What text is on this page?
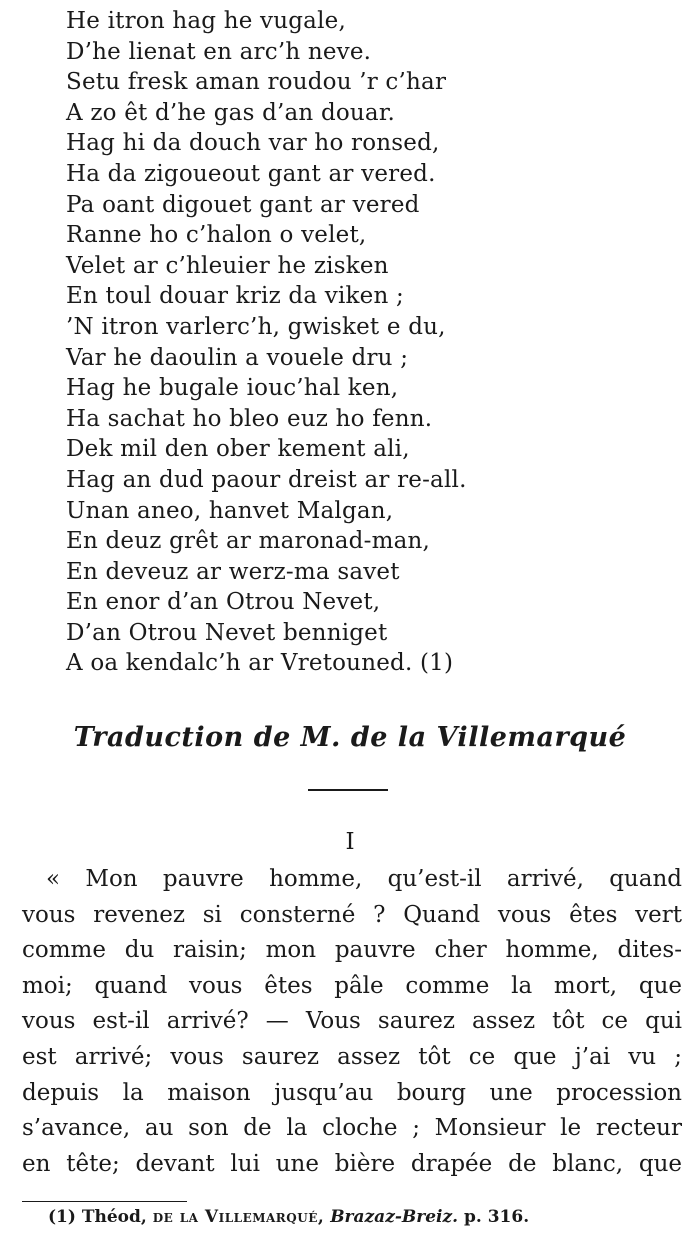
He itron hag he vugale,
D’he lienat en arc’h neve.
Setu fresk aman roudou ’r c’har
A zo êt d’he gas d’an douar.
Hag hi da douch var ho ronsed,
Ha da zigoueout gant ar vered.
Pa oant digouet gant ar vered
Ranne ho c’halon o velet,
Velet ar c’hleuier he zisken
En toul douar kriz da viken ;
’N itron varlerc’h, gwisket e du,
Var he daoulin a vouele dru ;
Hag he bugale iouc’hal ken,
Ha sachat ho bleo euz ho fenn.
Dek mil den ober kement ali,
Hag an dud paour dreist ar re-all.
Unan aneo, hanvet Malgan,
En deuz grêt ar maronad-man,
En deveuz ar werz-ma savet
En enor d’an Otrou Nevet,
D’an Otrou Nevet benniget
A oa kendalc’h ar Vretouned. (1)
Traduction de M. de la Villemarqué
I
« Mon pauvre homme, qu’est-il arrivé, quand
vous revenez si consterné ? Quand vous êtes vert
comme du raisin; mon pauvre cher homme, dites-
moi; quand vous êtes pâle comme la mort, que
vous est-il arrivé? — Vous saurez assez tôt ce qui
est arrivé; vous saurez assez tôt ce que j’ai vu ;
depuis la maison jusqu’au bourg une procession
s’avance, au son de la cloche ; Monsieur le recteur
en tête; devant lui une bière drapée de blanc, que
(1) Théod, de la Villemarqué, Brazaz-Breiz. p. 316.
